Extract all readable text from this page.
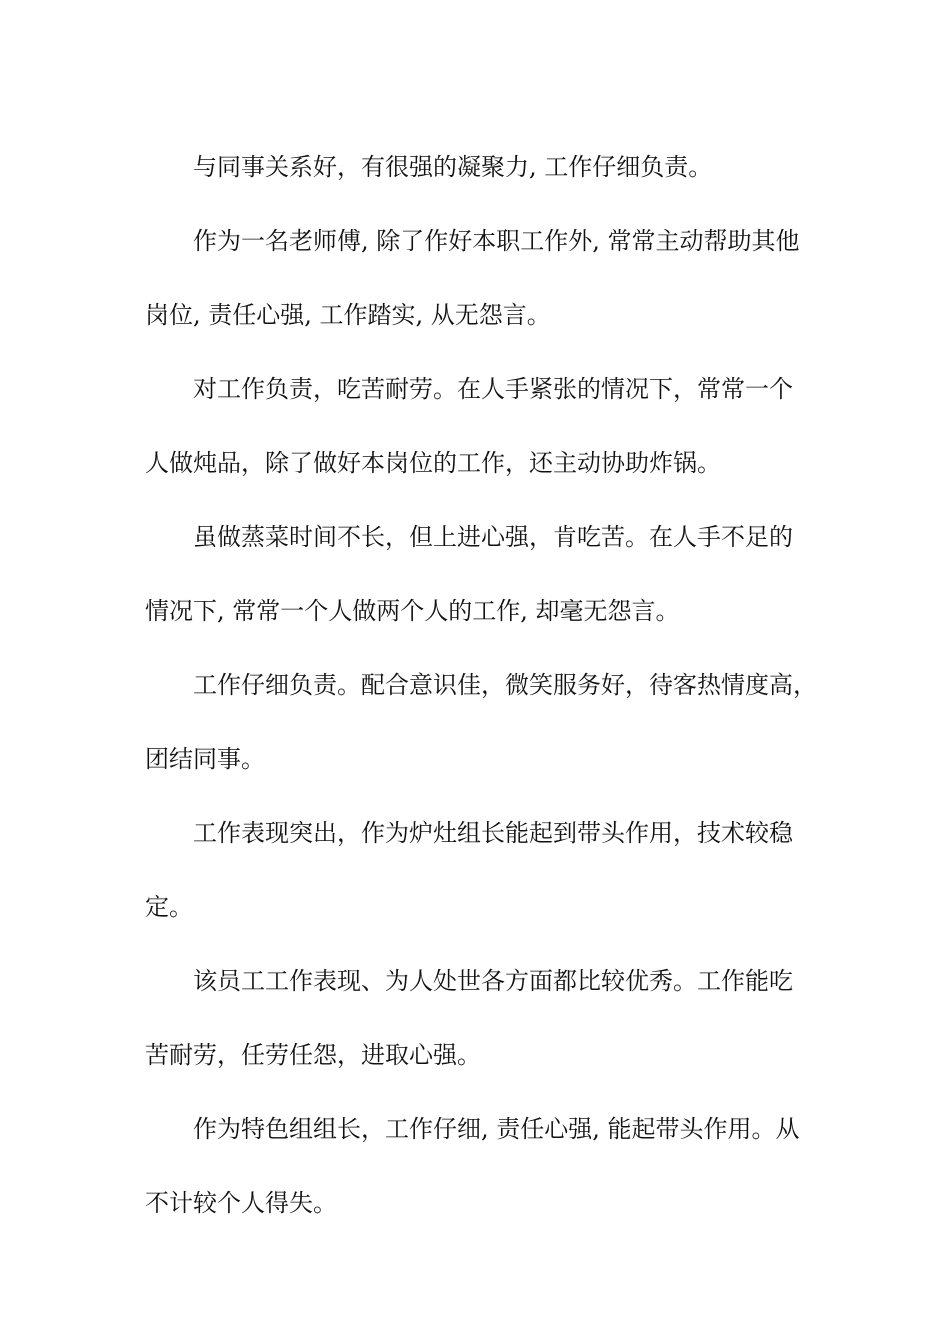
与同事关系好，有很强的凝聚力, 工作仔细负责。

作为一名老师傅, 除了作好本职工作外, 常常主动帮助其他
岗位, 责任心强, 工作踏实, 从无怨言。

对工作负责，吃苦耐劳。在人手紧张的情况下，常常一个
人做炖品，除了做好本岗位的工作，还主动协助炸锅。

虽做蒸菜时间不长，但上进心强，肯吃苦。在人手不足的
情况下, 常常一个人做两个人的工作, 却毫无怨言。

工作仔细负责。配合意识佳，微笑服务好，待客热情度高，
团结同事。

工作表现突出，作为炉灶组长能起到带头作用，技术较稳
定。

该员工工作表现、为人处世各方面都比较优秀。工作能吃
苦耐劳，任劳任怨，进取心强。

作为特色组组长，工作仔细, 责任心强, 能起带头作用。从
不计较个人得失。
